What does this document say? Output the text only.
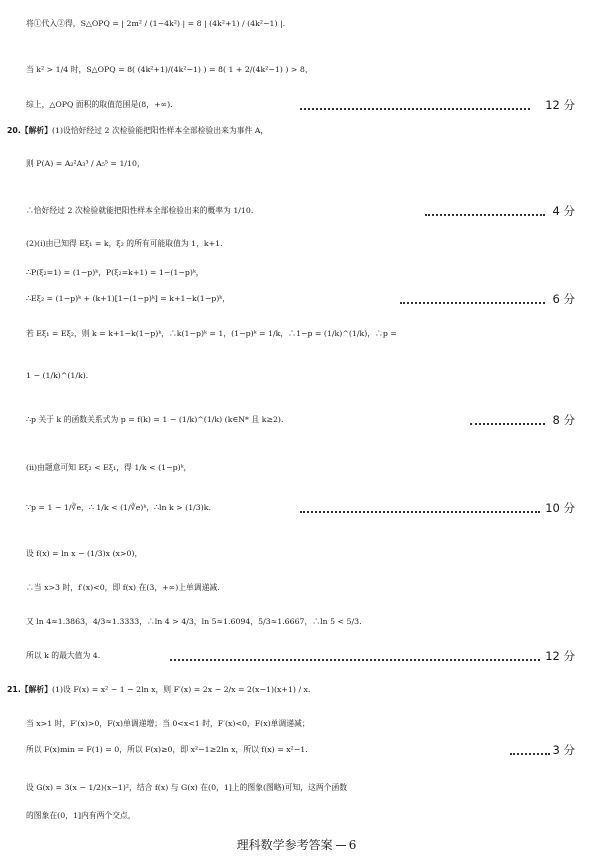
将①代入②得，S△OPQ = | 2m² / (1−4k²) | = 8 | (4k²+1) / (4k²−1) |.
当 k² > 1/4 时，S△OPQ = 8( (4k²+1)/(4k²−1) ) = 8( 1 + 2/(4k²−1) ) > 8，
综上，△OPQ 面积的取值范围是(8，+∞).	12 分
20.【解析】(1)设恰好经过 2 次检验能把阳性样本全部检验出来为事件 A，
则 P(A) = A₂²A₃³ / A₅⁵ = 1/10，
∴恰好经过 2 次检验就能把阳性样本全部检验出来的概率为 1/10.	4 分
(2)(ⅰ)由已知得 Eξ₁ = k，ξ₂ 的所有可能取值为 1，k+1.
∴P(ξ₂=1) = (1−p)ᵏ，P(ξ₂=k+1) = 1−(1−p)ᵏ，
∴Eξ₂ = (1−p)ᵏ + (k+1)[1−(1−p)ᵏ] = k+1−k(1−p)ᵏ，	6 分
若 Eξ₁ = Eξ₂，则 k = k+1−k(1−p)ᵏ，∴k(1−p)ᵏ = 1，(1−p)ᵏ = 1/k，∴1−p = (1/k)^(1/k)，∴p =
1 − (1/k)^(1/k).
∴p 关于 k 的函数关系式为 p = f(k) = 1 − (1/k)^(1/k) (k∈N* 且 k≥2).	8 分
(ⅱ)由题意可知 Eξ₂ < Eξ₁，得 1/k < (1−p)ᵏ，
∵p = 1 − 1/∛e，∴ 1/k < (1/∛e)ᵏ，∴ln k > (1/3)k.	10 分
设 f(x) = ln x − (1/3)x (x>0)，
∴当 x>3 时，f′(x)<0，即 f(x) 在(3，+∞)上单调递减.
又 ln 4≈1.3863，4/3≈1.3333，∴ln 4 > 4/3，ln 5≈1.6094，5/3≈1.6667，∴ln 5 < 5/3.
所以 k 的最大值为 4.	12 分
21.【解析】(1)设 F(x) = x² − 1 − 2ln x，则 F′(x) = 2x − 2/x = 2(x−1)(x+1) / x.
当 x>1 时，F′(x)>0，F(x)单调递增；当 0<x<1 时，F′(x)<0，F(x)单调递减；
所以 F(x)min = F(1) = 0，所以 F(x)≥0，即 x²−1≥2ln x，所以 f(x) = x²−1.	3 分
设 G(x) = 3(x − 1/2)(x−1)²，结合 f(x) 与 G(x) 在(0，1]上的图象(图略)可知，这两个函数
的图象在(0，1]内有两个交点，
理科数学参考答案 6
